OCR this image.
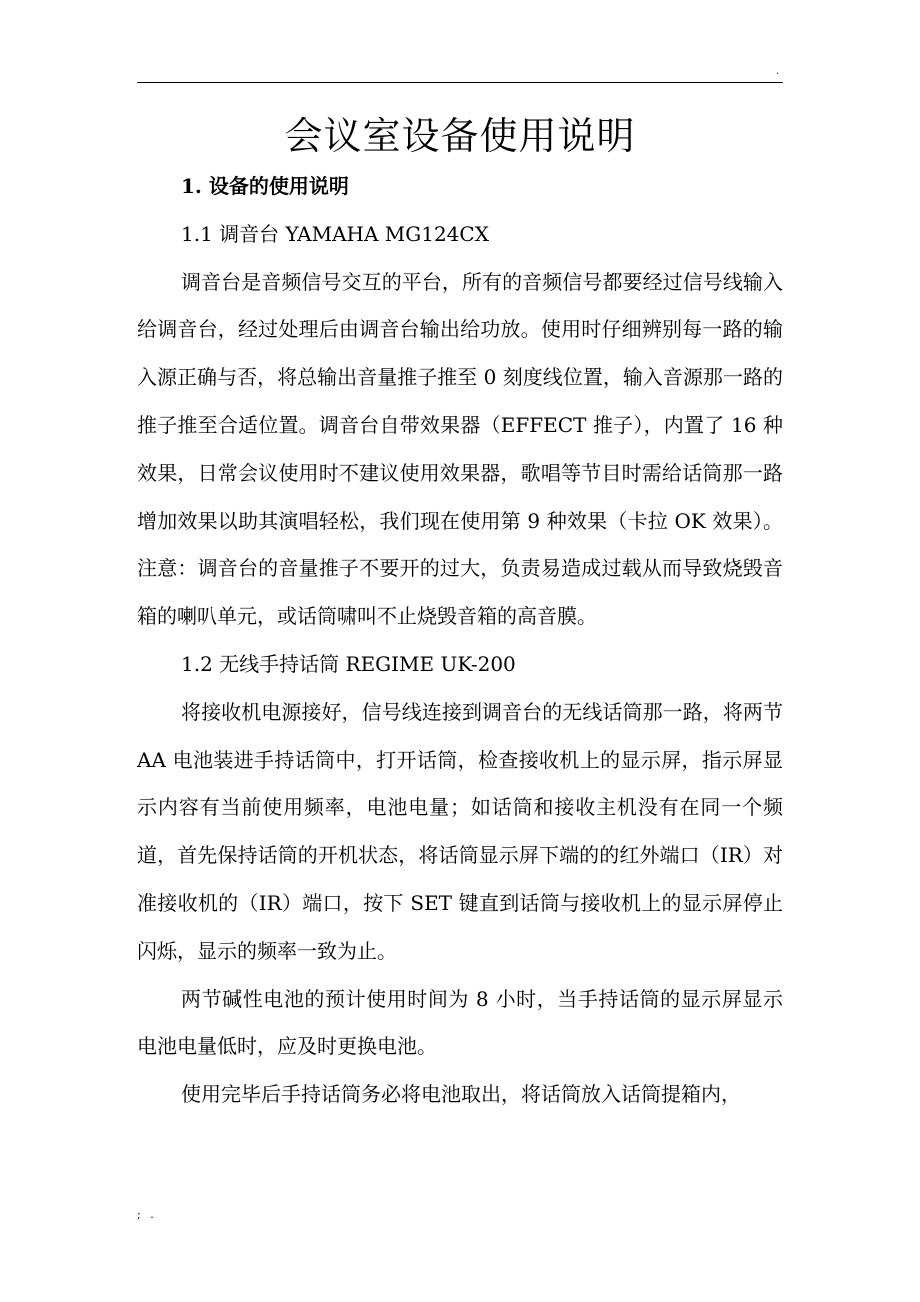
.
会议室设备使用说明

1. 设备的使用说明

1.1 调音台 YAMAHA MG124CX

调音台是音频信号交互的平台，所有的音频信号都要经过信号线输入给调音台，经过处理后由调音台输出给功放。使用时仔细辨别每一路的输入源正确与否，将总输出音量推子推至 0 刻度线位置，输入音源那一路的推子推至合适位置。调音台自带效果器（EFFECT 推子），内置了 16 种效果，日常会议使用时不建议使用效果器，歌唱等节目时需给话筒那一路增加效果以助其演唱轻松，我们现在使用第 9 种效果（卡拉 OK 效果）。注意：调音台的音量推子不要开的过大，负责易造成过载从而导致烧毁音箱的喇叭单元，或话筒啸叫不止烧毁音箱的高音膜。

1.2 无线手持话筒 REGIME UK-200

将接收机电源接好，信号线连接到调音台的无线话筒那一路，将两节 AA 电池装进手持话筒中，打开话筒，检查接收机上的显示屏，指示屏显示内容有当前使用频率，电池电量；如话筒和接收主机没有在同一个频道，首先保持话筒的开机状态，将话筒显示屏下端的的红外端口（IR）对准接收机的（IR）端口，按下 SET 键直到话筒与接收机上的显示屏停止闪烁，显示的频率一致为止。

两节碱性电池的预计使用时间为 8 小时，当手持话筒的显示屏显示电池电量低时，应及时更换电池。

使用完毕后手持话筒务必将电池取出，将话筒放入话筒提箱内，

; .
